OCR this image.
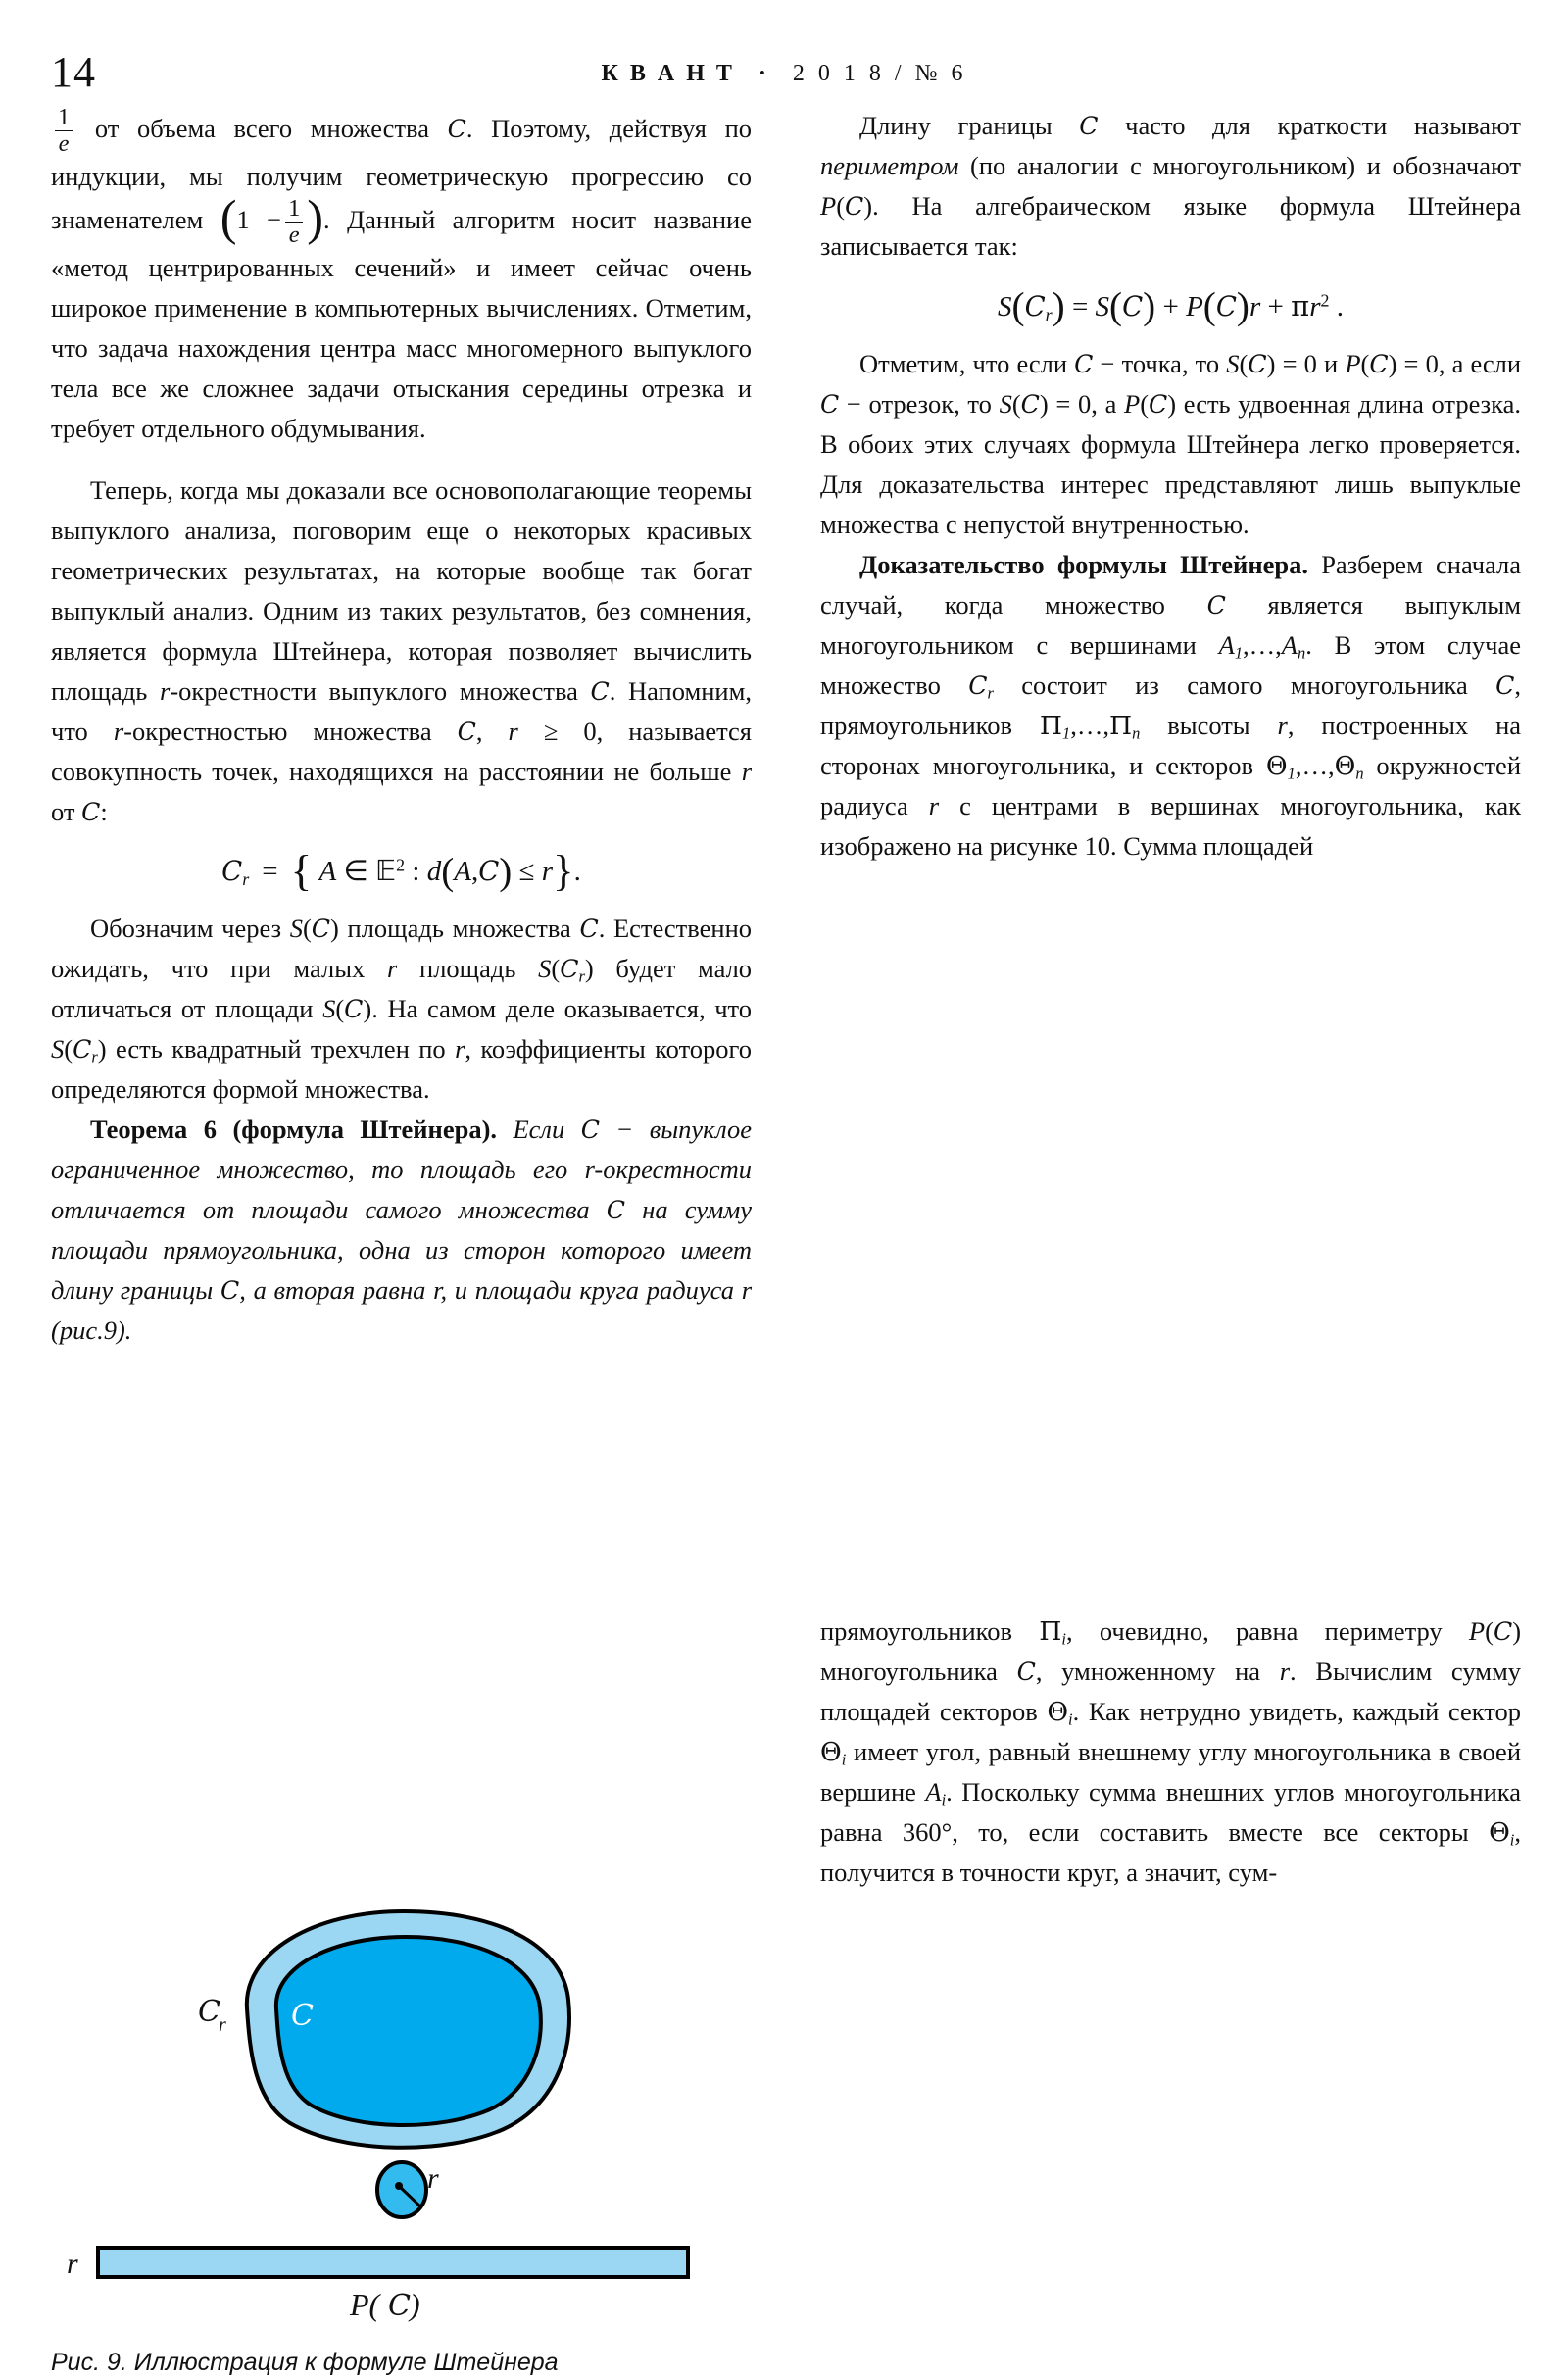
14	К В А Н Т · 2 0 1 8 / № 6

$\frac{1}{e}$ от объема всего множества C. Поэтому, действуя по индукции, мы получим геометрическую прогрессию со знаменателем ($1 - \frac{1}{e}$ ). Данный алгоритм носит название «метод центрированных сечений» и имеет сейчас очень широкое применение в компьютерных вычислениях. Отметим, что задача нахождения центра масс многомерного выпуклого тела все же сложнее задачи отыскания середины отрезка и требует отдельного обдумывания.

Теперь, когда мы доказали все основополагающие теоремы выпуклого анализа, поговорим еще о некоторых красивых геометрических результатах, на которые вообще так богат выпуклый анализ. Одним из таких результатов, без сомнения, является формула Штейнера, которая позволяет вычислить площадь r-окрестности выпуклого множества C. Напомним, что r-окрестностью множества C, r ≥ 0, называется совокупность точек, находящихся на расстоянии не больше r от C:

$C_r$  =  { A ∈ 𝔼$^2$ : d(A,C) ≤ r}.

Обозначим через S(C) площадь множества C. Естественно ожидать, что при малых r площадь $S(C_r)$ будет мало отличаться от площади S(C). На самом деле оказывается, что $S(C_r)$ есть квадратный трехчлен по r, коэффициенты которого определяются формой множества.

Теорема 6 (формула Штейнера). Если C − выпуклое ограниченное множество, то площадь его r-окрестности отличается от площади самого множества C на сумму площади прямоугольника, одна из сторон которого имеет длину границы C, а вторая равна r, и площади круга радиуса r (рис.9).

C
r C
r
r
P( C )
Рис. 9. Иллюстрация к формуле Штейнера

Длину границы C часто для краткости называют периметром (по аналогии с многоугольником) и обозначают P(C). На алгебраическом языке формула Штейнера записывается так:

$S(C_r) = S(C) + P(C)r + \pi r^2$ .

Отметим, что если C − точка, то S(C) = 0 и P(C) = 0, а если C − отрезок, то S(C) = 0, а P(C) есть удвоенная длина отрезка. В обоих этих случаях формула Штейнера легко проверяется. Для доказательства интерес представляют лишь выпуклые множества с непустой внутренностью.

Доказательство формулы Штейнера. Разберем сначала случай, когда множество C является выпуклым многоугольником с вершинами $A_1,\dots,A_n$. В этом случае множество $C_r$ состоит из самого многоугольника C, прямоугольников $\Pi_1,\dots,\Pi_n$ высоты r, построенных на сторонах многоугольника, и секторов $\Theta_1,\dots,\Theta_n$ окружностей радиуса r с центрами в вершинах многоугольника, как изображено на рисунке 10. Сумма площадей

прямоугольников $\Pi_i$, очевидно, равна периметру P(C) многоугольника C, умноженному на r. Вычислим сумму площадей секторов $\Theta_i$. Как нетрудно увидеть, каждый сектор $\Theta_i$ имеет угол, равный внешнему углу многоугольника в своей вершине $A_i$. Поскольку сумма внешних углов многоугольника равна 360°, то, если составить вместе все секторы $\Theta_i$, получится в точности круг, а значит, сум-
